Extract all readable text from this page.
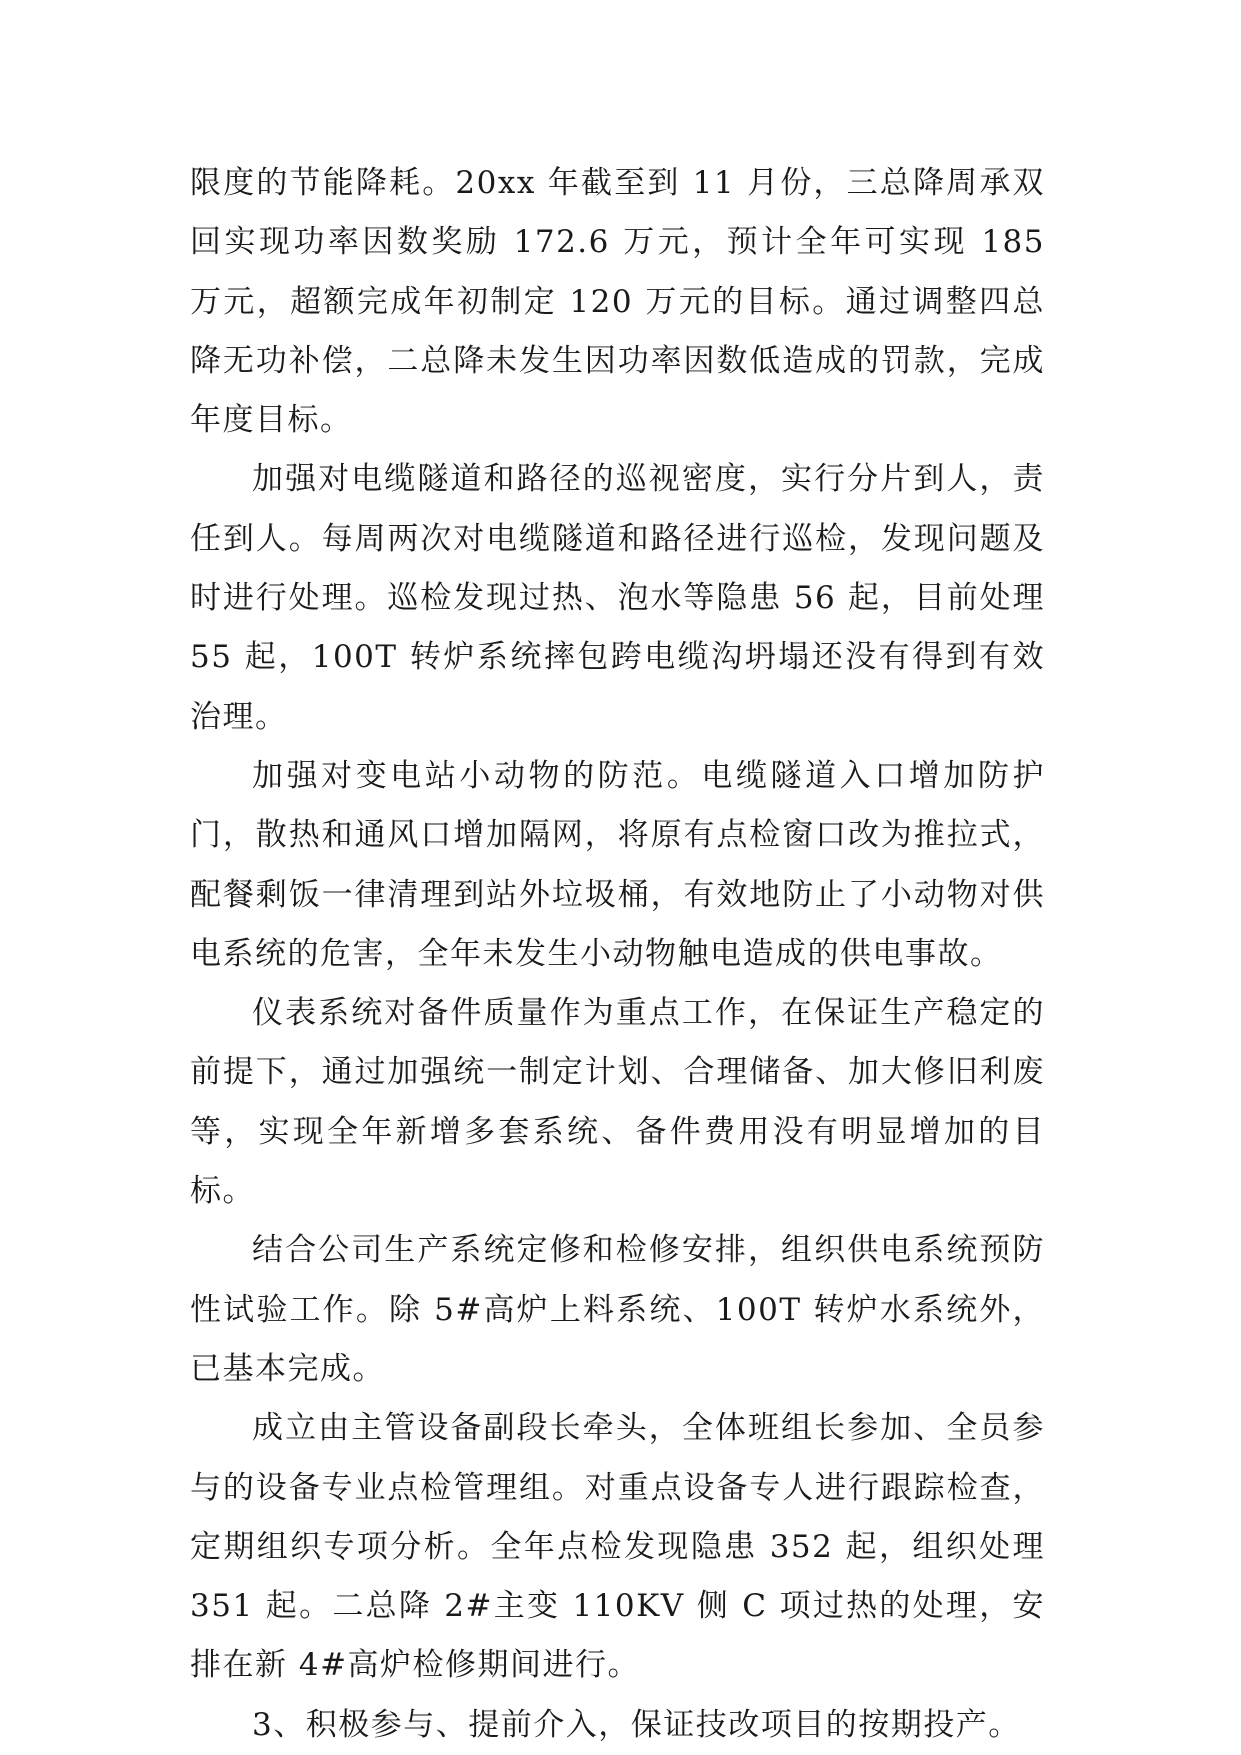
限度的节能降耗。20xx 年截至到 11 月份，三总降周承双回实现功率因数奖励 172.6 万元，预计全年可实现 185 万元，超额完成年初制定 120 万元的目标。通过调整四总降无功补偿，二总降未发生因功率因数低造成的罚款，完成年度目标。

加强对电缆隧道和路径的巡视密度，实行分片到人，责任到人。每周两次对电缆隧道和路径进行巡检，发现问题及时进行处理。巡检发现过热、泡水等隐患 56 起，目前处理 55 起，100T 转炉系统摔包跨电缆沟坍塌还没有得到有效治理。

加强对变电站小动物的防范。电缆隧道入口增加防护门，散热和通风口增加隔网，将原有点检窗口改为推拉式，配餐剩饭一律清理到站外垃圾桶，有效地防止了小动物对供电系统的危害，全年未发生小动物触电造成的供电事故。

仪表系统对备件质量作为重点工作，在保证生产稳定的前提下，通过加强统一制定计划、合理储备、加大修旧利废等，实现全年新增多套系统、备件费用没有明显增加的目标。

结合公司生产系统定修和检修安排，组织供电系统预防性试验工作。除 5#高炉上料系统、100T 转炉水系统外，已基本完成。

成立由主管设备副段长牵头，全体班组长参加、全员参与的设备专业点检管理组。对重点设备专人进行跟踪检查，定期组织专项分析。全年点检发现隐患 352 起，组织处理 351 起。二总降 2#主变 110KV 侧 C 项过热的处理，安排在新 4#高炉检修期间进行。

3、积极参与、提前介入，保证技改项目的按期投产。
